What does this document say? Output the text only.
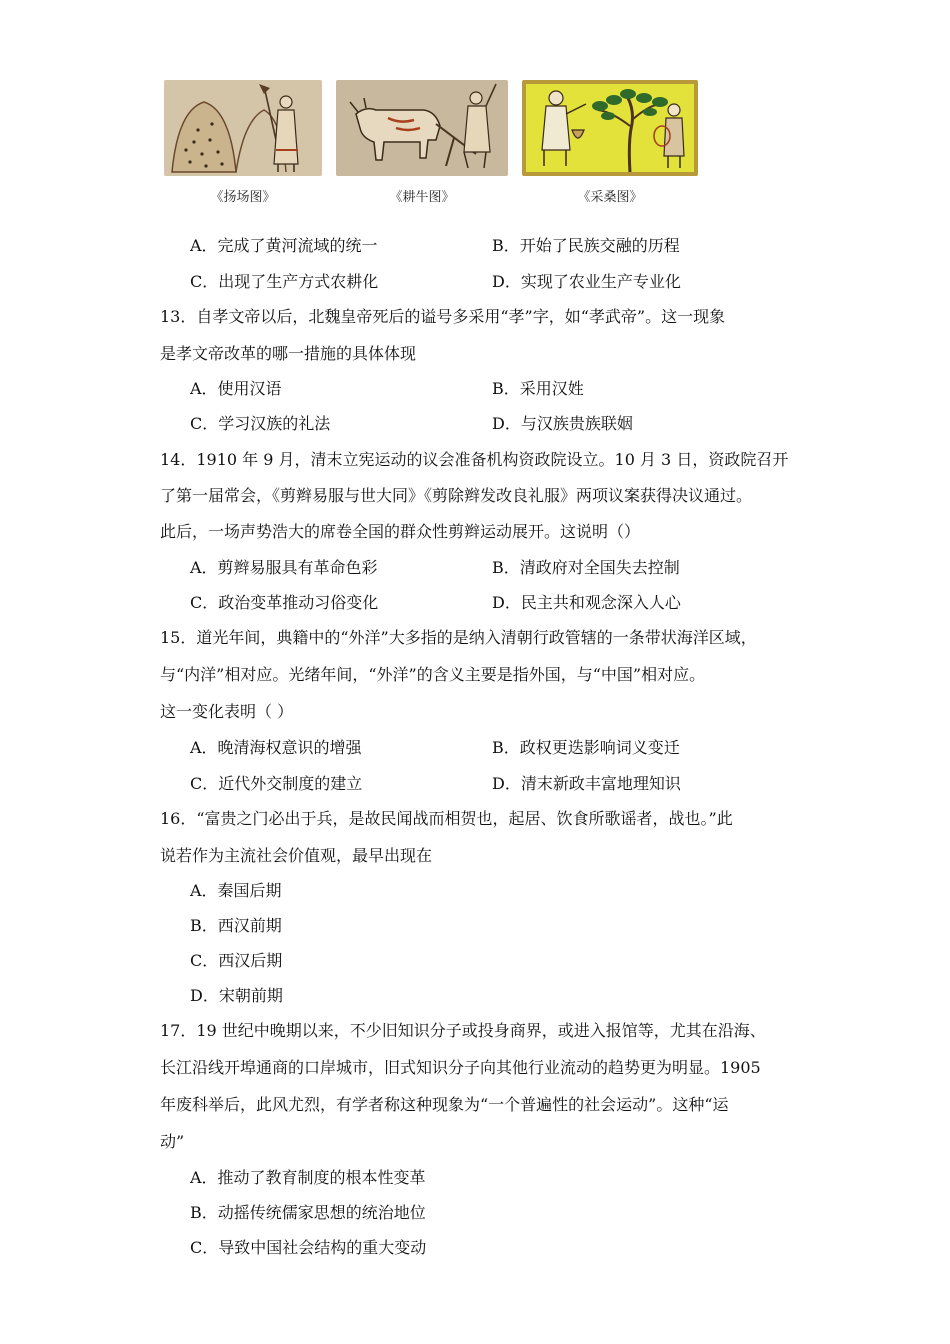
《扬场图》	《耕牛图》	《采桑图》
A．完成了黄河流域的统一	B．开始了民族交融的历程
C．出现了生产方式农耕化	D．实现了农业生产专业化
13．自孝文帝以后，北魏皇帝死后的谥号多采用“孝”字，如“孝武帝”。这一现象
是孝文帝改革的哪一措施的具体体现
A．使用汉语	B．采用汉姓
C．学习汉族的礼法	D．与汉族贵族联姻
14．1910 年 9 月，清末立宪运动的议会准备机构资政院设立。10 月 3 日，资政院召开
了第一届常会，《剪辫易服与世大同》《剪除辫发改良礼服》两项议案获得决议通过。
此后，一场声势浩大的席卷全国的群众性剪辫运动展开。这说明（）
A．剪辫易服具有革命色彩	B．清政府对全国失去控制
C．政治变革推动习俗变化	D．民主共和观念深入人心
15．道光年间，典籍中的“外洋”大多指的是纳入清朝行政管辖的一条带状海洋区域，
与“内洋”相对应。光绪年间，“外洋”的含义主要是指外国，与“中国”相对应。
这一变化表明（ ）
A．晚清海权意识的增强	B．政权更迭影响词义变迁
C．近代外交制度的建立	D．清末新政丰富地理知识
16．“富贵之门必出于兵，是故民闻战而相贺也，起居、饮食所歌谣者，战也。”此
说若作为主流社会价值观，最早出现在
A．秦国后期
B．西汉前期
C．西汉后期
D．宋朝前期
17．19 世纪中晚期以来，不少旧知识分子或投身商界，或进入报馆等，尤其在沿海、
长江沿线开埠通商的口岸城市，旧式知识分子向其他行业流动的趋势更为明显。1905
年废科举后，此风尤烈，有学者称这种现象为“一个普遍性的社会运动”。这种“运
动”
A．推动了教育制度的根本性变革
B．动摇传统儒家思想的统治地位
C．导致中国社会结构的重大变动
